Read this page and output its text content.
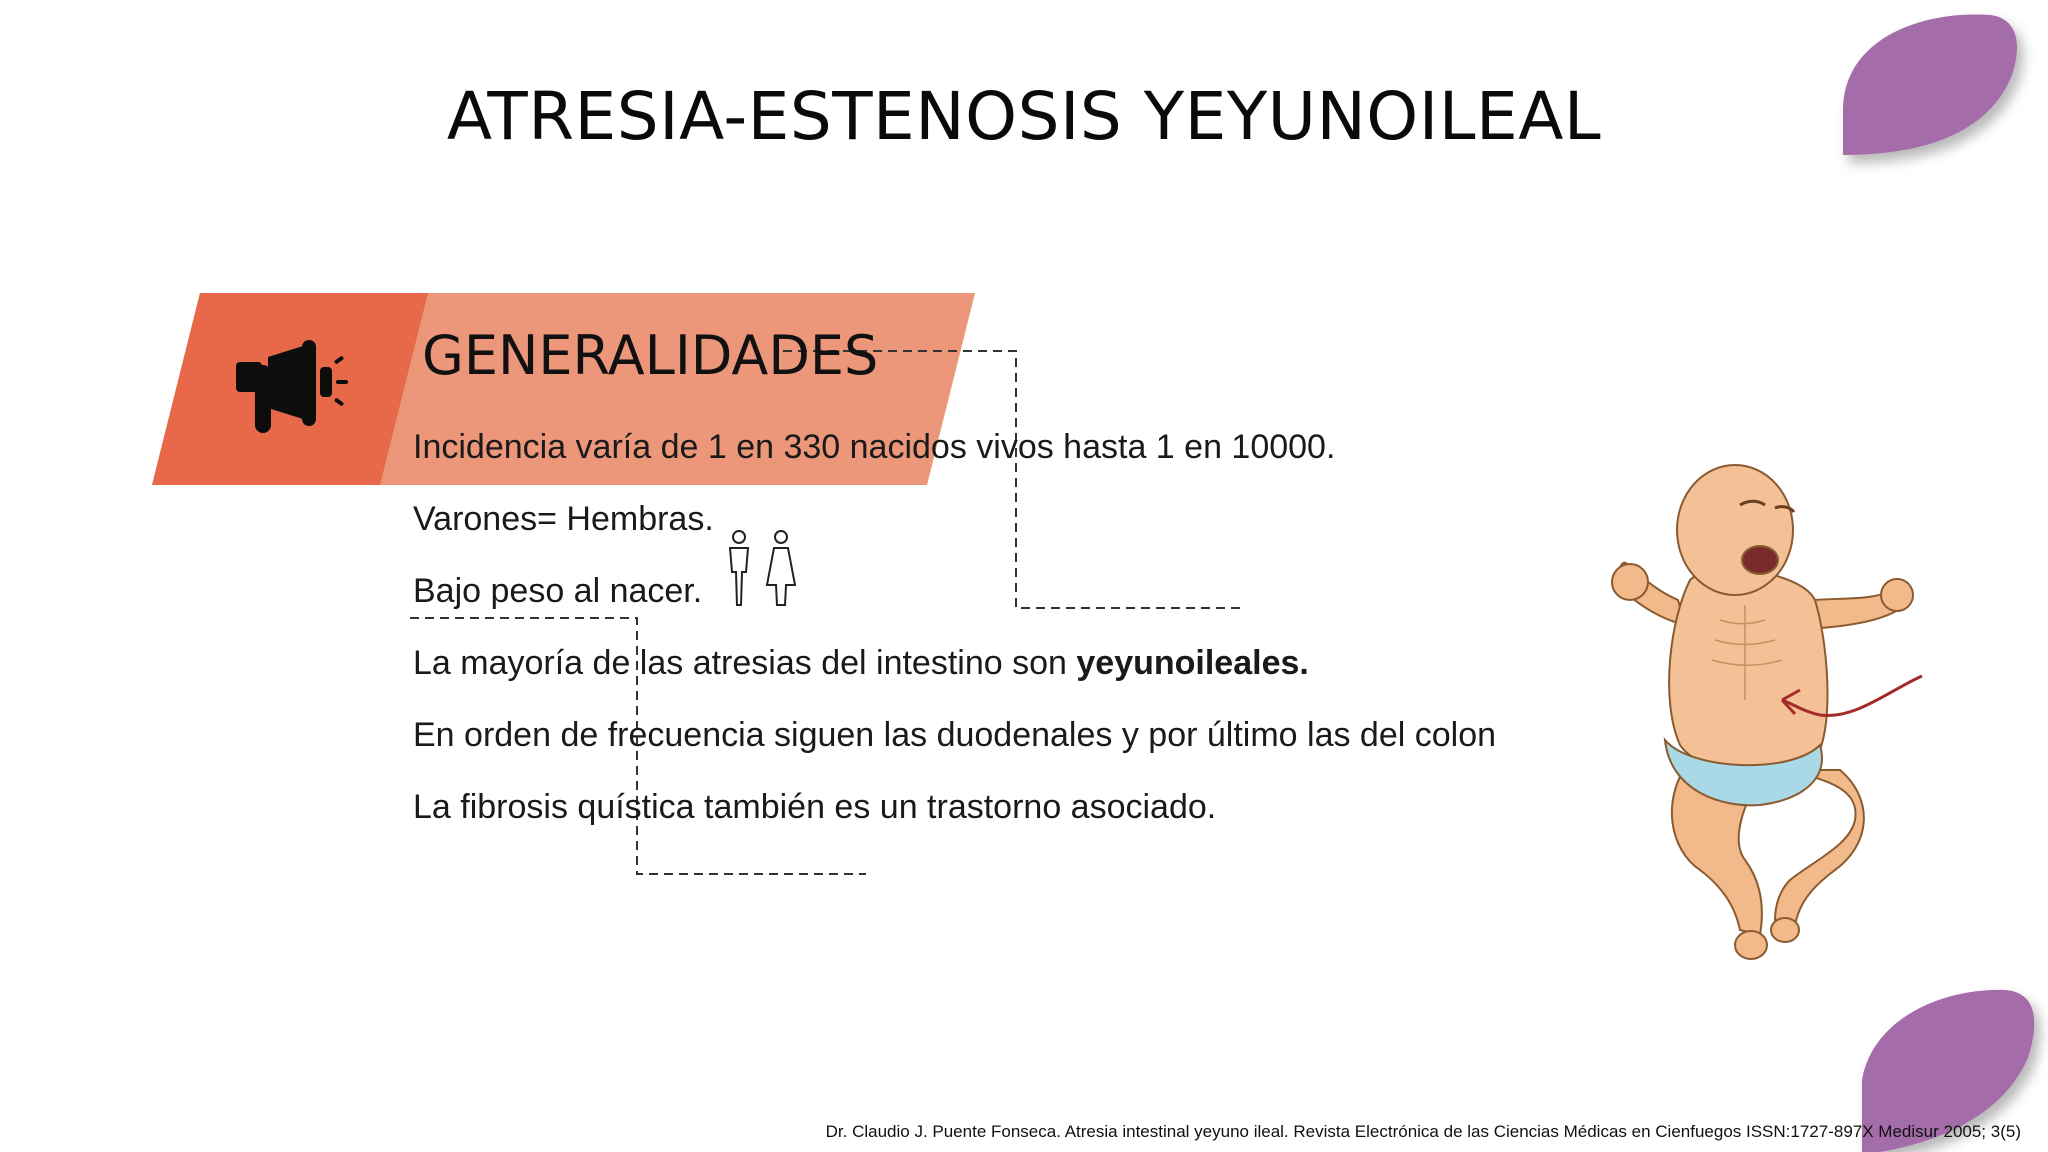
ATRESIA-ESTENOSIS YEYUNOILEAL
GENERALIDADES
Incidencia varía de 1 en 330 nacidos vivos hasta 1 en 10000.
Varones= Hembras.
Bajo peso al nacer.
La mayoría de las atresias del intestino son yeyunoileales.
En orden de frecuencia siguen las duodenales y por último las del colon
La fibrosis quística también es un trastorno asociado.
Dr. Claudio J. Puente Fonseca. Atresia intestinal yeyuno ileal. Revista Electrónica de las Ciencias Médicas en Cienfuegos ISSN:1727-897X Medisur 2005; 3(5)
